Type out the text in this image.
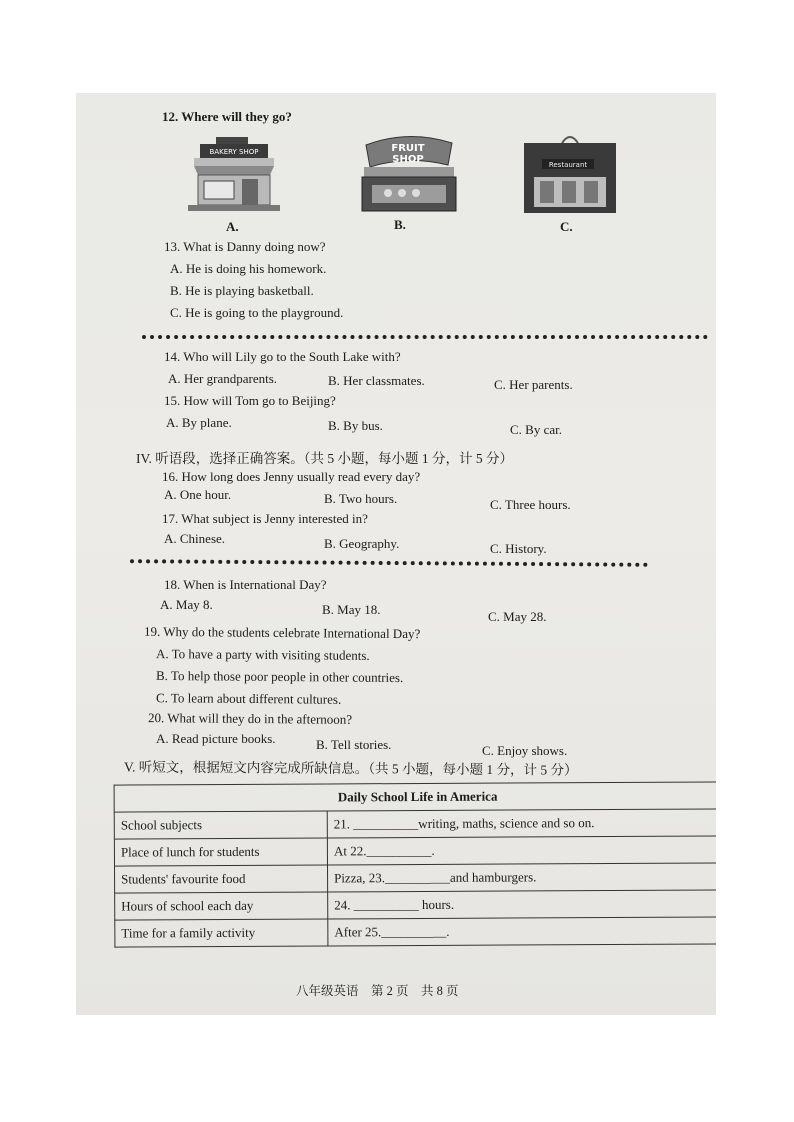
12. Where will they go?
BAKERY SHOP
A.
FRUIT
SHOP
B.
Restaurant
C.
13. What is Danny doing now?
A. He is doing his homework.
B. He is playing basketball.
C. He is going to the playground.
14. Who will Lily go to the South Lake with?
A. Her grandparents.	B. Her classmates.	C. Her parents.
15. How will Tom go to Beijing?
A. By plane.	B. By bus.	C. By car.
IV. 听语段，选择正确答案。（共 5 小题，每小题 1 分，计 5 分）
16. How long does Jenny usually read every day?
A. One hour.	B. Two hours.	C. Three hours.
17. What subject is Jenny interested in?
A. Chinese.	B. Geography.	C. History.
18. When is International Day?
A. May 8.	B. May 18.	C. May 28.
19. Why do the students celebrate International Day?
A. To have a party with visiting students.
B. To help those poor people in other countries.
C. To learn about different cultures.
20. What will they do in the afternoon?
A. Read picture books.	B. Tell stories.	C. Enjoy shows.
V. 听短文，根据短文内容完成所缺信息。（共 5 小题，每小题 1 分，计 5 分）
Daily School Life in America	
School subjects	21. __________writing, maths, science and so on.
Place of lunch for students	At 22.__________.
Students' favourite food	Pizza, 23.__________and hamburgers.
Hours of school each day	24. __________ hours.
Time for a family activity	After 25.__________.
八年级英语　第 2 页　共 8 页
